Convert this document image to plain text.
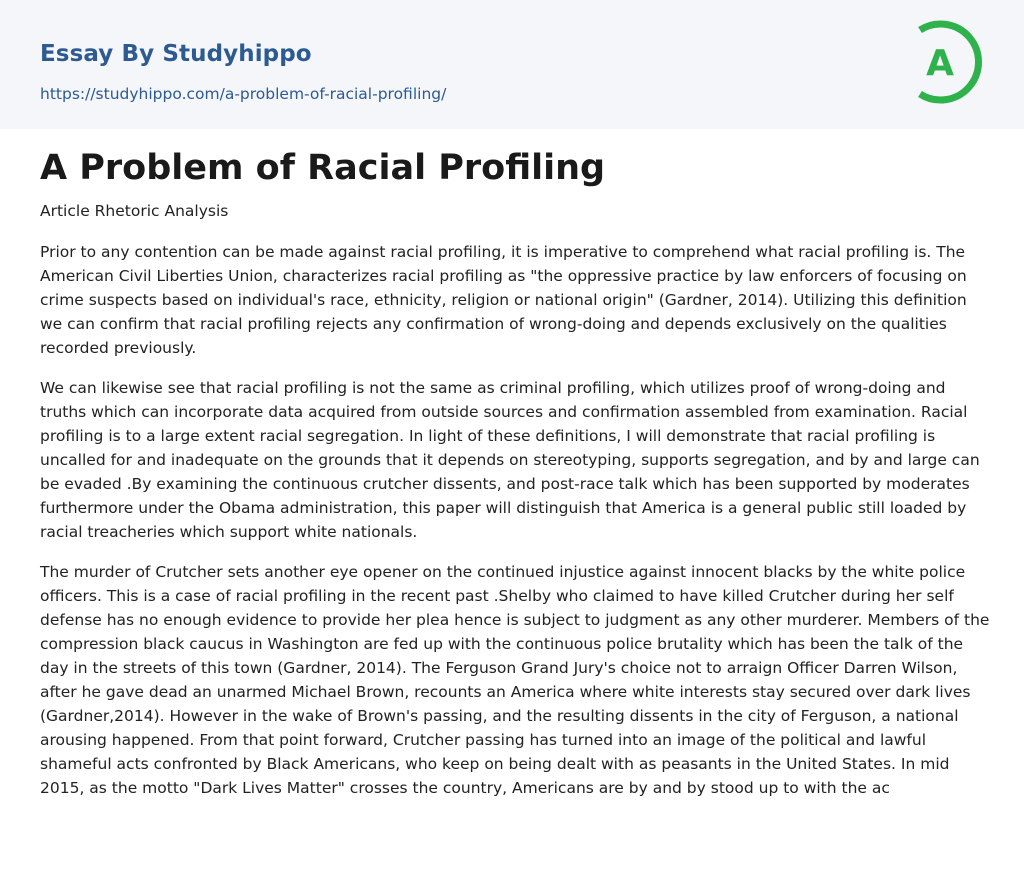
Essay By Studyhippo
https://studyhippo.com/a-problem-of-racial-profiling/
A
A Problem of Racial Profiling
Article Rhetoric Analysis

Prior to any contention can be made against racial profiling, it is imperative to comprehend what racial profiling is. The American Civil Liberties Union, characterizes racial profiling as "the oppressive practice by law enforcers of focusing on crime suspects based on individual's race, ethnicity, religion or national origin" (Gardner, 2014). Utilizing this definition we can confirm that racial profiling rejects any confirmation of wrong-doing and depends exclusively on the qualities recorded previously.

We can likewise see that racial profiling is not the same as criminal profiling, which utilizes proof of wrong-doing and truths which can incorporate data acquired from outside sources and confirmation assembled from examination. Racial profiling is to a large extent racial segregation. In light of these definitions, I will demonstrate that racial profiling is uncalled for and inadequate on the grounds that it depends on stereotyping, supports segregation, and by and large can be evaded .By examining the continuous crutcher dissents, and post-race talk which has been supported by moderates furthermore under the Obama administration, this paper will distinguish that America is a general public still loaded by racial treacheries which support white nationals.

The murder of Crutcher sets another eye opener on the continued injustice against innocent blacks by the white police officers. This is a case of racial profiling in the recent past .Shelby who claimed to have killed Crutcher during her self defense has no enough evidence to provide her plea hence is subject to judgment as any other murderer. Members of the compression black caucus in Washington are fed up with the continuous police brutality which has been the talk of the day in the streets of this town (Gardner, 2014). The Ferguson Grand Jury's choice not to arraign Officer Darren Wilson, after he gave dead an unarmed Michael Brown, recounts an America where white interests stay secured over dark lives (Gardner,2014). However in the wake of Brown's passing, and the resulting dissents in the city of Ferguson, a national arousing happened. From that point forward, Crutcher passing has turned into an image of the political and lawful shameful acts confronted by Black Americans, who keep on being dealt with as peasants in the United States. In mid 2015, as the motto "Dark Lives Matter" crosses the country, Americans are by and by stood up to with the ac
